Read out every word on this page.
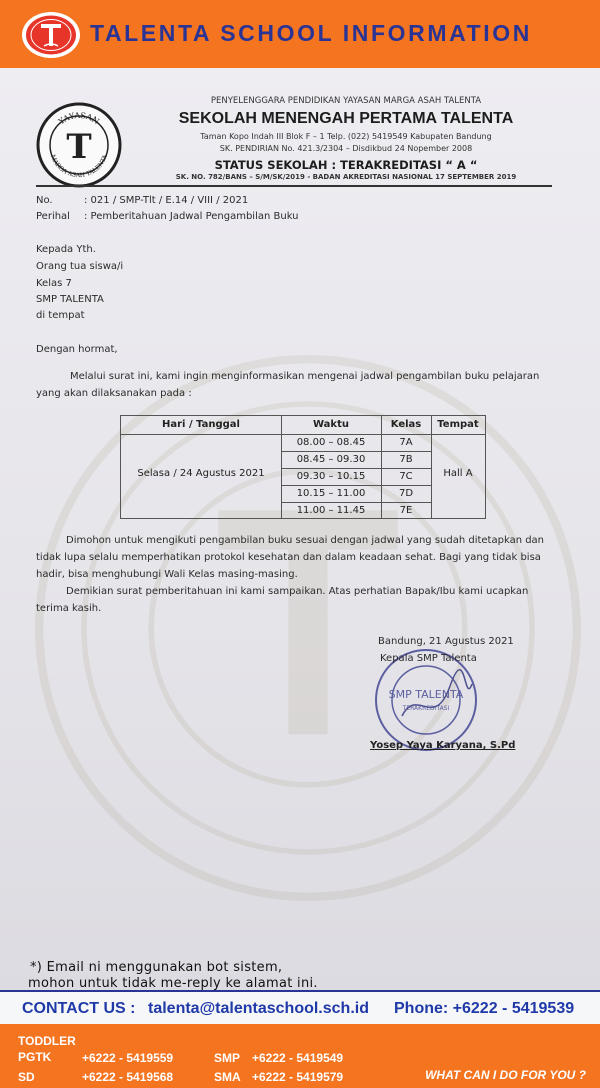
TALENTA SCHOOL INFORMATION
YAYASAN
MARGA ASAH TALENTA
T
PENYELENGGARA PENDIDIKAN YAYASAN MARGA ASAH TALENTA
SEKOLAH MENENGAH PERTAMA TALENTA
Taman Kopo Indah III Blok F – 1 Telp. (022) 5419549 Kabupaten Bandung
SK. PENDIRIAN No. 421.3/2304 – Disdikbud 24 Nopember 2008
STATUS SEKOLAH : TERAKREDITASI “ A “
SK. NO. 782/BANS – S/M/SK/2019 - BADAN AKREDITASI NASIONAL 17 SEPTEMBER 2019
No.	: 021 / SMP-Tlt / E.14 / VIII / 2021
Perihal : Pemberitahuan Jadwal Pengambilan Buku
Kepada Yth.
Orang tua siswa/i
Kelas 7
SMP TALENTA
di tempat
Dengan hormat,
Melalui surat ini, kami ingin menginformasikan mengenai jadwal pengambilan buku pelajaran
yang akan dilaksanakan pada :
Hari / Tanggal	Waktu	Kelas	Tempat
Selasa / 24 Agustus 2021	Hall A
08.00 – 08.45	7A
08.45 – 09.30	7B
09.30 – 10.15	7C
10.15 – 11.00	7D
11.00 – 11.45	7E
Dimohon untuk mengikuti pengambilan buku sesuai dengan jadwal yang sudah ditetapkan dan
tidak lupa selalu memperhatikan protokol kesehatan dan dalam keadaan sehat. Bagi yang tidak bisa
hadir, bisa menghubungi Wali Kelas masing-masing.
Demikian surat pemberitahuan ini kami sampaikan. Atas perhatian Bapak/Ibu kami ucapkan
terima kasih.
SMP TALENTA
TERAKREDITASI
Bandung, 21 Agustus 2021
Kepala SMP Talenta
Yosep Yaya Karyana, S.Pd
*) Email ni menggunakan bot sistem,
mohon untuk tidak me-reply ke alamat ini.
CONTACT US : talenta@talentaschool.sch.id Phone: +6222 - 5419539
TODDLER
PGTK	+6222 - 5419559	SMP +6222 - 5419549
SD	+6222 - 5419568	SMA +6222 - 5419579	WHAT CAN I DO FOR YOU ?
